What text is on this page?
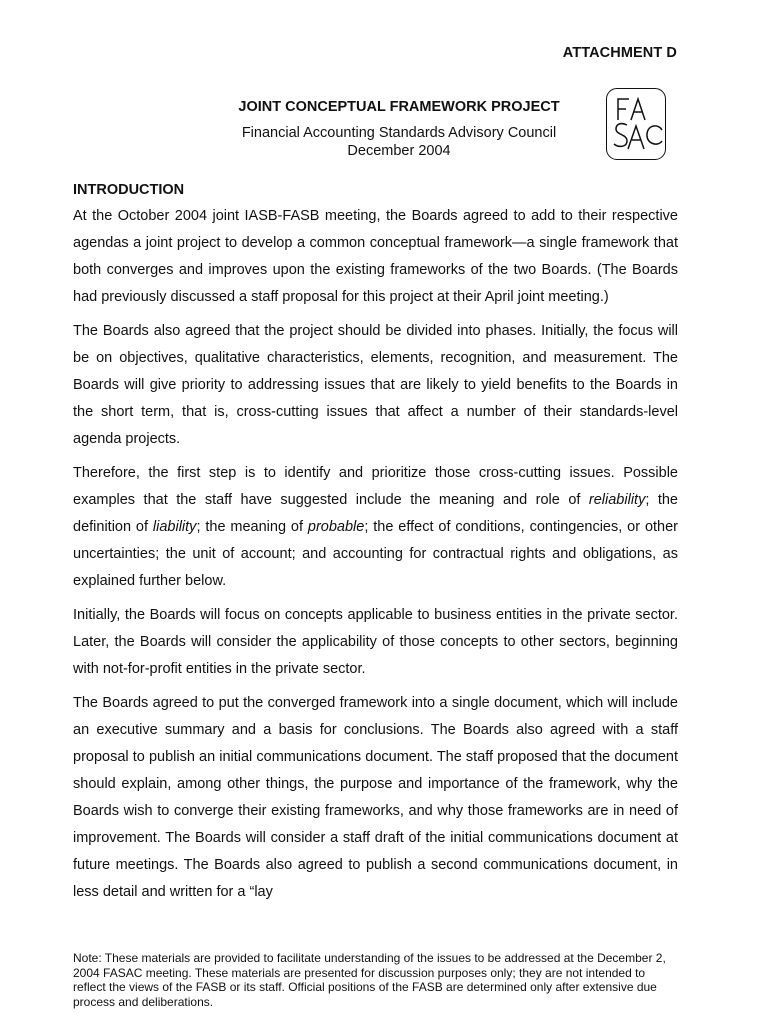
ATTACHMENT D
JOINT CONCEPTUAL FRAMEWORK PROJECT
Financial Accounting Standards Advisory Council
December 2004
INTRODUCTION

At the October 2004 joint IASB-FASB meeting, the Boards agreed to add to their respective agendas a joint project to develop a common conceptual framework—a single framework that both converges and improves upon the existing frameworks of the two Boards. (The Boards had previously discussed a staff proposal for this project at their April joint meeting.)

The Boards also agreed that the project should be divided into phases. Initially, the focus will be on objectives, qualitative characteristics, elements, recognition, and measurement. The Boards will give priority to addressing issues that are likely to yield benefits to the Boards in the short term, that is, cross-cutting issues that affect a number of their standards-level agenda projects.

Therefore, the first step is to identify and prioritize those cross-cutting issues. Possible examples that the staff have suggested include the meaning and role of reliability; the definition of liability; the meaning of probable; the effect of conditions, contingencies, or other uncertainties; the unit of account; and accounting for contractual rights and obligations, as explained further below.

Initially, the Boards will focus on concepts applicable to business entities in the private sector. Later, the Boards will consider the applicability of those concepts to other sectors, beginning with not-for-profit entities in the private sector.

The Boards agreed to put the converged framework into a single document, which will include an executive summary and a basis for conclusions. The Boards also agreed with a staff proposal to publish an initial communications document. The staff proposed that the document should explain, among other things, the purpose and importance of the framework, why the Boards wish to converge their existing frameworks, and why those frameworks are in need of improvement. The Boards will consider a staff draft of the initial communications document at future meetings. The Boards also agreed to publish a second communications document, in less detail and written for a “lay

Note: These materials are provided to facilitate understanding of the issues to be addressed at the December 2, 2004 FASAC meeting. These materials are presented for discussion purposes only; they are not intended to reflect the views of the FASB or its staff. Official positions of the FASB are determined only after extensive due process and deliberations.
